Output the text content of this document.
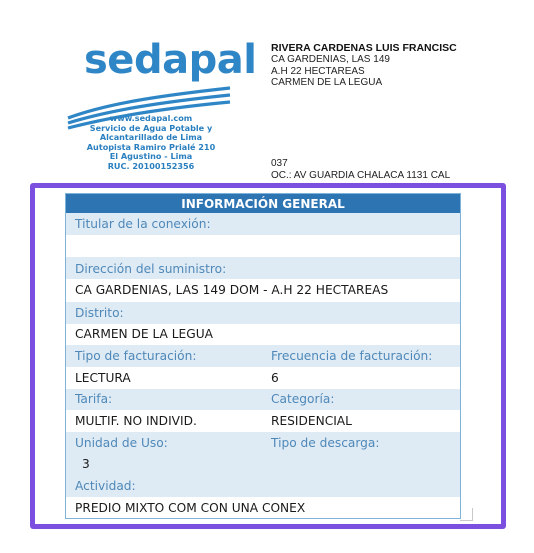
sedapal
www.sedapal.com
Servicio de Agua Potable y
Alcantarillado de Lima
Autopista Ramiro Prialé 210
El Agustino - Lima
RUC. 20100152356
RIVERA CARDENAS LUIS FRANCISC
CA GARDENIAS, LAS 149
A.H 22 HECTAREAS
CARMEN DE LA LEGUA
037
OC.: AV GUARDIA CHALACA 1131 CAL
INFORMACIÓN GENERAL
Titular de la conexión:
Dirección del suministro:
CA GARDENIAS, LAS 149 DOM - A.H 22 HECTAREAS
Distrito:
CARMEN DE LA LEGUA
Tipo de facturación:	Frecuencia de facturación:
LECTURA	6
Tarifa:	Categoría:
MULTIF. NO INDIVID.	RESIDENCIAL
Unidad de Uso:	Tipo de descarga:
3
Actividad:
PREDIO MIXTO COM CON UNA CONEX
